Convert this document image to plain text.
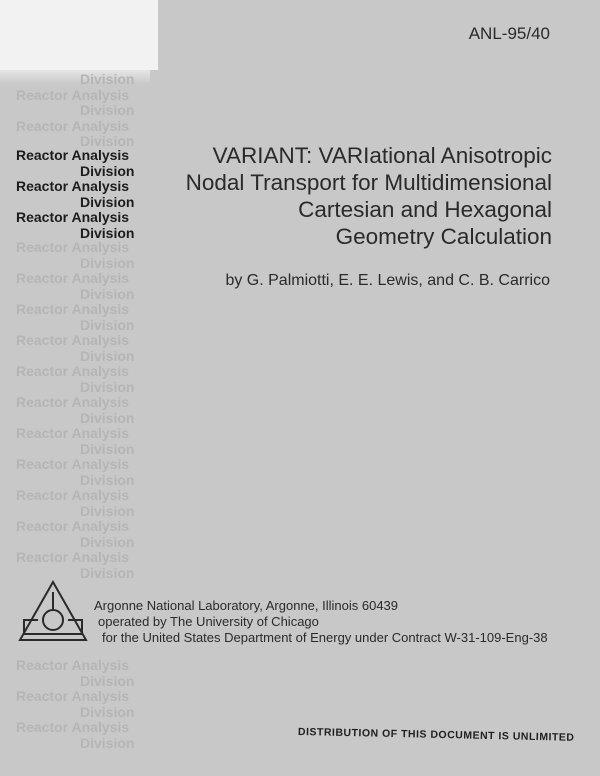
ANL-95/40
Division
Reactor Analysis
Division
Reactor Analysis
Division
Reactor Analysis
Division
Reactor Analysis
Division
Reactor Analysis
Division
Reactor Analysis
Division
Reactor Analysis
Division
Reactor Analysis
Division
Reactor Analysis
Division
Reactor Analysis
Division
Reactor Analysis
Division
Reactor Analysis
Division
Reactor Analysis
Division
Reactor Analysis
Division
Reactor Analysis
Division
Reactor Analysis
Division
VARIANT: VARIational Anisotropic
Nodal Transport for Multidimensional
Cartesian and Hexagonal
Geometry Calculation
by G. Palmiotti, E. E. Lewis, and C. B. Carrico
Argonne National Laboratory, Argonne, Illinois 60439
operated by The University of Chicago
for the United States Department of Energy under Contract W-31-109-Eng-38
Reactor Analysis
Division
Reactor Analysis
Division
Reactor Analysis
Division	DISTRIBUTION OF THIS DOCUMENT IS UNLIMITED
